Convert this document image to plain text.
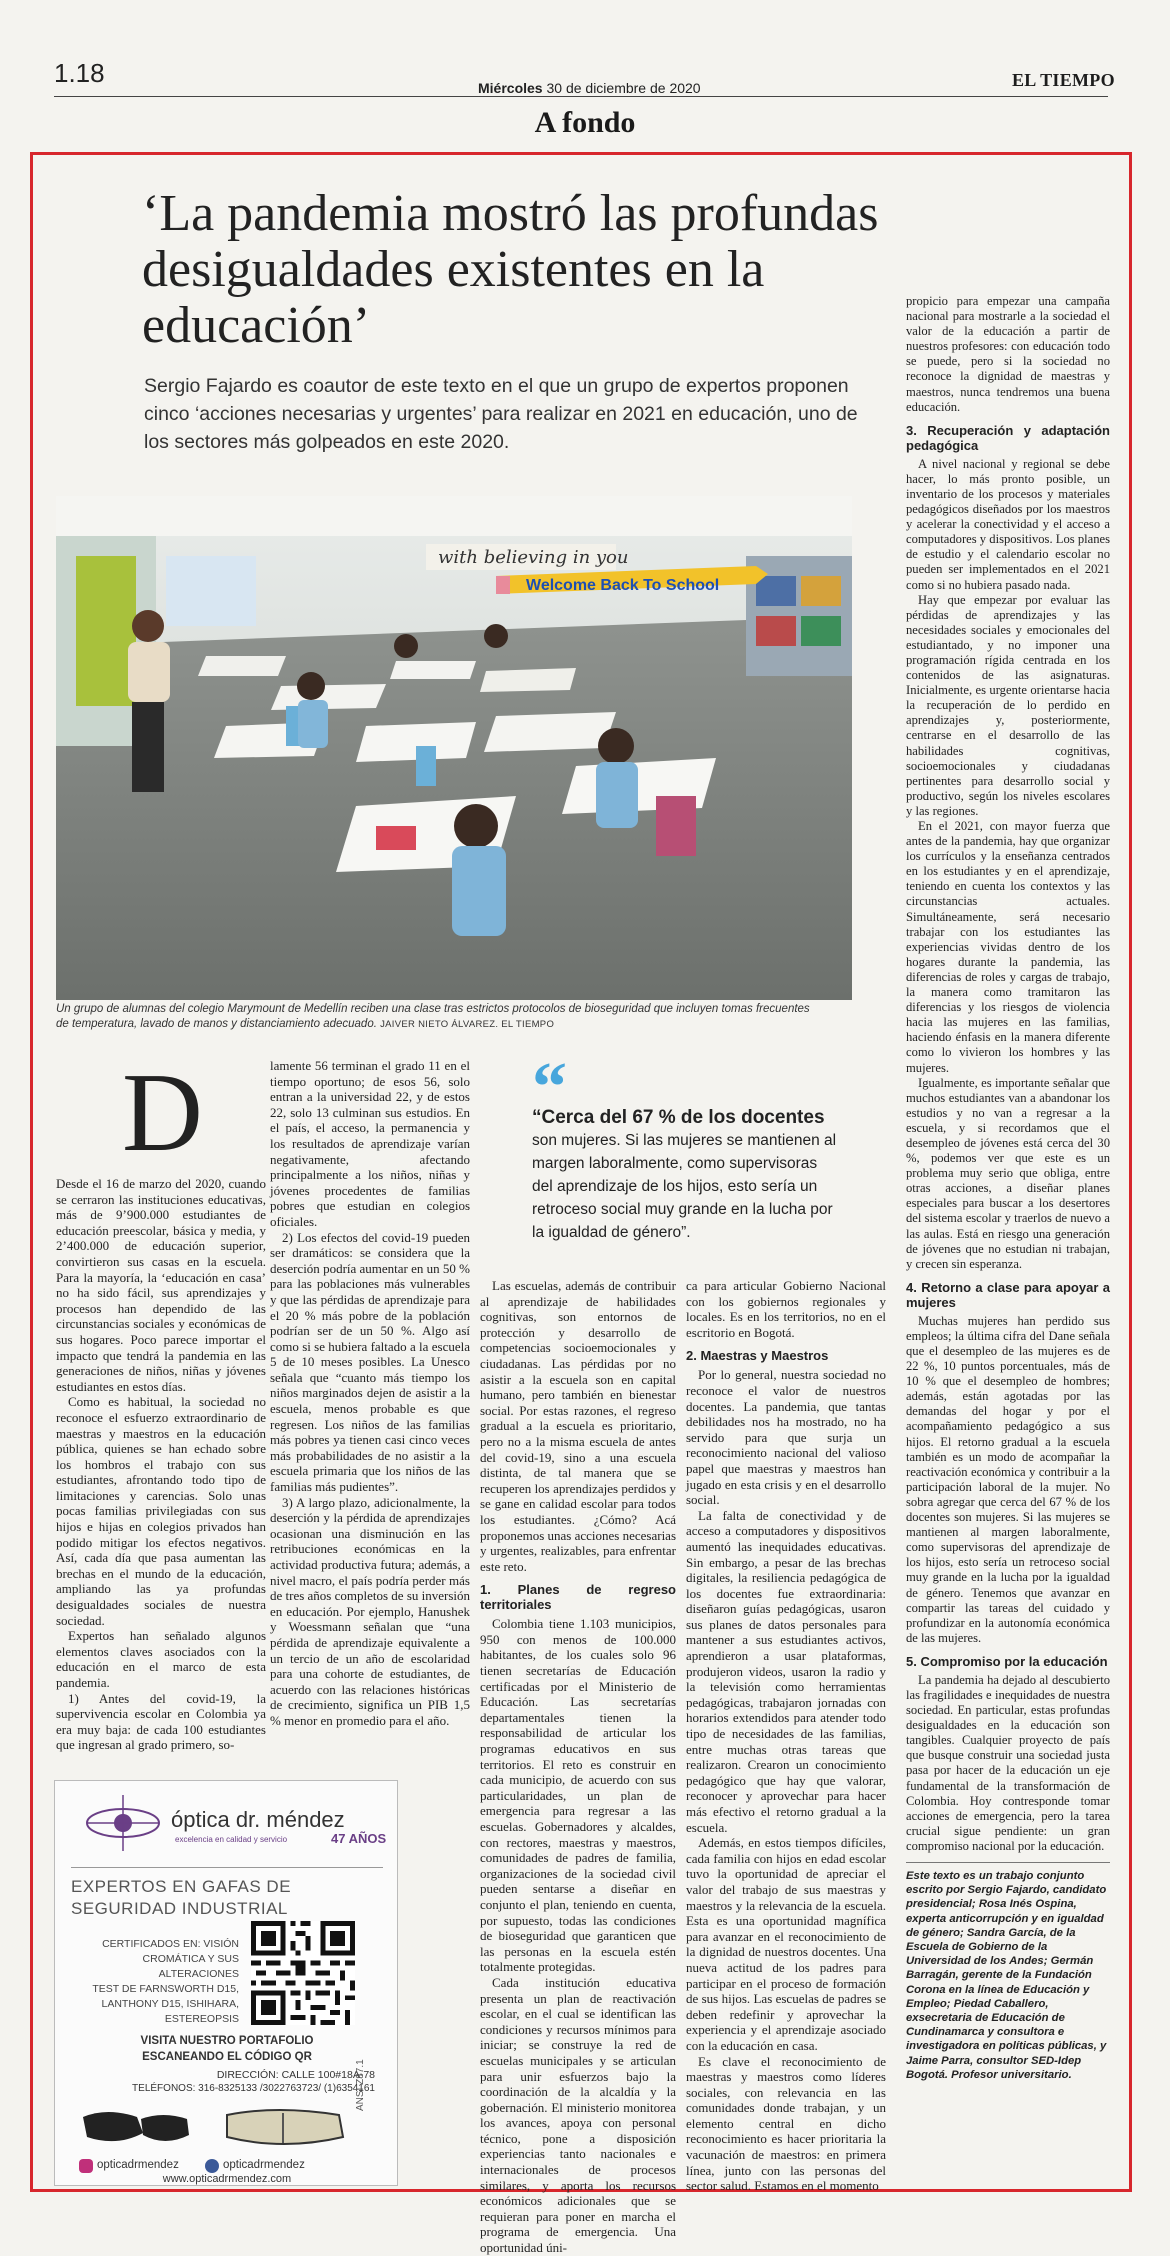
1.18	Miércoles 30 de diciembre de 2020	EL TIEMPO
A fondo
‘La pandemia mostró las profundas desigualdades existentes en la educación’
Sergio Fajardo es coautor de este texto en el que un grupo de expertos proponen cinco ‘acciones necesarias y urgentes’ para realizar en 2021 en educación, uno de los sectores más golpeados en este 2020.
with believing in you
Welcome Back To School
Un grupo de alumnas del colegio Marymount de Medellín reciben una clase tras estrictos protocolos de bioseguridad que incluyen tomas frecuentes de temperatura, lavado de manos y distanciamiento adecuado. JAIVER NIETO ÁLVAREZ. EL TIEMPO
D

Desde el 16 de marzo del 2020, cuando se cerraron las instituciones educativas, más de 9’900.000 estudiantes de educación preescolar, básica y media, y 2’400.000 de educación superior, convirtieron sus casas en la escuela. Para la mayoría, la ‘educación en casa’ no ha sido fácil, sus aprendizajes y procesos han dependido de las circunstancias sociales y económicas de sus hogares. Poco parece importar el impacto que tendrá la pandemia en las generaciones de niños, niñas y jóvenes estudiantes en estos días.

Como es habitual, la sociedad no reconoce el esfuerzo extraordinario de maestras y maestros en la educación pública, quienes se han echado sobre los hombros el trabajo con sus estudiantes, afrontando todo tipo de limitaciones y carencias. Solo unas pocas familias privilegiadas con sus hijos e hijas en colegios privados han podido mitigar los efectos negativos. Así, cada día que pasa aumentan las brechas en el mundo de la educación, ampliando las ya profundas desigualdades sociales de nuestra sociedad.

Expertos han señalado algunos elementos claves asociados con la educación en el marco de esta pandemia.

1) Antes del covid-19, la supervivencia escolar en Colombia ya era muy baja: de cada 100 estudiantes que ingresan al grado primero, so-

lamente 56 terminan el grado 11 en el tiempo oportuno; de esos 56, solo entran a la universidad 22, y de estos 22, solo 13 culminan sus estudios. En el país, el acceso, la permanencia y los resultados de aprendizaje varían negativamente, afectando principalmente a los niños, niñas y jóvenes procedentes de familias pobres que estudian en colegios oficiales.

2) Los efectos del covid-19 pueden ser dramáticos: se considera que la deserción podría aumentar en un 50 % para las poblaciones más vulnerables y que las pérdidas de aprendizaje para el 20 % más pobre de la población podrían ser de un 50 %. Algo así como si se hubiera faltado a la escuela 5 de 10 meses posibles. La Unesco señala que “cuanto más tiempo los niños marginados dejen de asistir a la escuela, menos probable es que regresen. Los niños de las familias más pobres ya tienen casi cinco veces más probabilidades de no asistir a la escuela primaria que los niños de las familias más pudientes”.

3) A largo plazo, adicionalmente, la deserción y la pérdida de aprendizajes ocasionan una disminución en las retribuciones económicas en la actividad productiva futura; además, a nivel macro, el país podría perder más de tres años completos de su inversión en educación. Por ejemplo, Hanushek y Woessmann señalan que “una pérdida de aprendizaje equivalente a un tercio de un año de escolaridad para una cohorte de estudiantes, de acuerdo con las relaciones históricas de crecimiento, significa un PIB 1,5 % menor en promedio para el año.

“
“Cerca del 67 % de los docentes
son mujeres. Si las mujeres se mantienen al margen laboralmente, como supervisoras del aprendizaje de los hijos, esto sería un retroceso social muy grande en la lucha por la igualdad de género”.

Las escuelas, además de contribuir al aprendizaje de habilidades cognitivas, son entornos de protección y desarrollo de competencias socioemocionales y ciudadanas. Las pérdidas por no asistir a la escuela son en capital humano, pero también en bienestar social. Por estas razones, el regreso gradual a la escuela es prioritario, pero no a la misma escuela de antes del covid-19, sino a una escuela distinta, de tal manera que se recuperen los aprendizajes perdidos y se gane en calidad escolar para todos los estudiantes. ¿Cómo? Acá proponemos unas acciones necesarias y urgentes, realizables, para enfrentar este reto.

1. Planes de regreso territoriales

Colombia tiene 1.103 municipios, 950 con menos de 100.000 habitantes, de los cuales solo 96 tienen secretarías de Educación certificadas por el Ministerio de Educación. Las secretarías departamentales tienen la responsabilidad de articular los programas educativos en sus territorios. El reto es construir en cada municipio, de acuerdo con sus particularidades, un plan de emergencia para regresar a las escuelas. Gobernadores y alcaldes, con rectores, maestras y maestros, comunidades de padres de familia, organizaciones de la sociedad civil pueden sentarse a diseñar en conjunto el plan, teniendo en cuenta, por supuesto, todas las condiciones de bioseguridad que garanticen que las personas en la escuela estén totalmente protegidas.

Cada institución educativa presenta un plan de reactivación escolar, en el cual se identifican las condiciones y recursos mínimos para iniciar; se construye la red de escuelas municipales y se articulan para unir esfuerzos bajo la coordinación de la alcaldía y la gobernación. El ministerio monitorea los avances, apoya con personal técnico, pone a disposición experiencias tanto nacionales e internacionales de procesos similares, y aporta los recursos económicos adicionales que se requieran para poner en marcha el programa de emergencia. Una oportunidad úni-

ca para articular Gobierno Nacional con los gobiernos regionales y locales. Es en los territorios, no en el escritorio en Bogotá.

2. Maestras y Maestros

Por lo general, nuestra sociedad no reconoce el valor de nuestros docentes. La pandemia, que tantas debilidades nos ha mostrado, no ha servido para que surja un reconocimiento nacional del valioso papel que maestras y maestros han jugado en esta crisis y en el desarrollo social.

La falta de conectividad y de acceso a computadores y dispositivos aumentó las inequidades educativas. Sin embargo, a pesar de las brechas digitales, la resiliencia pedagógica de los docentes fue extraordinaria: diseñaron guías pedagógicas, usaron sus planes de datos personales para mantener a sus estudiantes activos, aprendieron a usar plataformas, produjeron videos, usaron la radio y la televisión como herramientas pedagógicas, trabajaron jornadas con horarios extendidos para atender todo tipo de necesidades de las familias, entre muchas otras tareas que realizaron. Crearon un conocimiento pedagógico que hay que valorar, reconocer y aprovechar para hacer más efectivo el retorno gradual a la escuela.

Además, en estos tiempos difíciles, cada familia con hijos en edad escolar tuvo la oportunidad de apreciar el valor del trabajo de sus maestras y maestros y la relevancia de la escuela. Esta es una oportunidad magnífica para avanzar en el reconocimiento de la dignidad de nuestros docentes. Una nueva actitud de los padres para participar en el proceso de formación de sus hijos. Las escuelas de padres se deben redefinir y aprovechar la experiencia y el aprendizaje asociado con la educación en casa.

Es clave el reconocimiento de maestras y maestros como líderes sociales, con relevancia en las comunidades donde trabajan, y un elemento central en dicho reconocimiento es hacer prioritaria la vacunación de maestros: en primera línea, junto con las personas del sector salud. Estamos en el momento

propicio para empezar una campaña nacional para mostrarle a la sociedad el valor de la educación a partir de nuestros profesores: con educación todo se puede, pero si la sociedad no reconoce la dignidad de maestras y maestros, nunca tendremos una buena educación.

3. Recuperación y adaptación pedagógica

A nivel nacional y regional se debe hacer, lo más pronto posible, un inventario de los procesos y materiales pedagógicos diseñados por los maestros y acelerar la conectividad y el acceso a computadores y dispositivos. Los planes de estudio y el calendario escolar no pueden ser implementados en el 2021 como si no hubiera pasado nada.

Hay que empezar por evaluar las pérdidas de aprendizajes y las necesidades sociales y emocionales del estudiantado, y no imponer una programación rígida centrada en los contenidos de las asignaturas. Inicialmente, es urgente orientarse hacia la recuperación de lo perdido en aprendizajes y, posteriormente, centrarse en el desarrollo de las habilidades cognitivas, socioemocionales y ciudadanas pertinentes para desarrollo social y productivo, según los niveles escolares y las regiones.

En el 2021, con mayor fuerza que antes de la pandemia, hay que organizar los currículos y la enseñanza centrados en los estudiantes y en el aprendizaje, teniendo en cuenta los contextos y las circunstancias actuales. Simultáneamente, será necesario trabajar con los estudiantes las experiencias vividas dentro de los hogares durante la pandemia, las diferencias de roles y cargas de trabajo, la manera como tramitaron las diferencias y los riesgos de violencia hacia las mujeres en las familias, haciendo énfasis en la manera diferente como lo vivieron los hombres y las mujeres.

Igualmente, es importante señalar que muchos estudiantes van a abandonar los estudios y no van a regresar a la escuela, y si recordamos que el desempleo de jóvenes está cerca del 30 %, podemos ver que este es un problema muy serio que obliga, entre otras acciones, a diseñar planes especiales para buscar a los desertores del sistema escolar y traerlos de nuevo a las aulas. Está en riesgo una generación de jóvenes que no estudian ni trabajan, y crecen sin esperanza.

4. Retorno a clase para apoyar a mujeres

Muchas mujeres han perdido sus empleos; la última cifra del Dane señala que el desempleo de las mujeres es de 22 %, 10 puntos porcentuales, más de 10 % que el desempleo de hombres; además, están agotadas por las demandas del hogar y por el acompañamiento pedagógico a sus hijos. El retorno gradual a la escuela también es un modo de acompañar la reactivación económica y contribuir a la participación laboral de la mujer. No sobra agregar que cerca del 67 % de los docentes son mujeres. Si las mujeres se mantienen al margen laboralmente, como supervisoras del aprendizaje de los hijos, esto sería un retroceso social muy grande en la lucha por la igualdad de género. Tenemos que avanzar en compartir las tareas del cuidado y profundizar en la autonomía económica de las mujeres.

5. Compromiso por la educación

La pandemia ha dejado al descubierto las fragilidades e inequidades de nuestra sociedad. En particular, estas profundas desigualdades en la educación son tangibles. Cualquier proyecto de país que busque construir una sociedad justa pasa por hacer de la educación un eje fundamental de la transformación de Colombia. Hoy contresponde tomar acciones de emergencia, pero la tarea crucial sigue pendiente: un gran compromiso nacional por la educación.

Este texto es un trabajo conjunto escrito por Sergio Fajardo, candidato presidencial; Rosa Inés Ospina, experta anticorrupción y en igualdad de género; Sandra García, de la Escuela de Gobierno de la Universidad de los Andes; Germán Barragán, gerente de la Fundación Corona en la línea de Educación y Empleo; Piedad Caballero, exsecretaria de Educación de Cundinamarca y consultora e investigadora en políticas públicas, y Jaime Parra, consultor SED-Idep Bogotá. Profesor universitario.
óptica dr. méndez
excelencia en calidad y servicio	47 AÑOS
EXPERTOS EN GAFAS DE
SEGURIDAD INDUSTRIAL
CERTIFICADOS EN: VISIÓN
CROMÁTICA Y SUS ALTERACIONES
TEST DE FARNSWORTH D15,
LANTHONY D15, ISHIHARA,
ESTEREOPSIS
VISITA NUESTRO PORTAFOLIO
ESCANEANDO EL CÓDIGO QR
DIRECCIÓN: CALLE 100#18A-78
TELÉFONOS: 316-8325133 /3022763723/ (1)6354161
ANSI Z87.1
opticadrmendez	opticadrmendez
www.opticadrmendez.com
